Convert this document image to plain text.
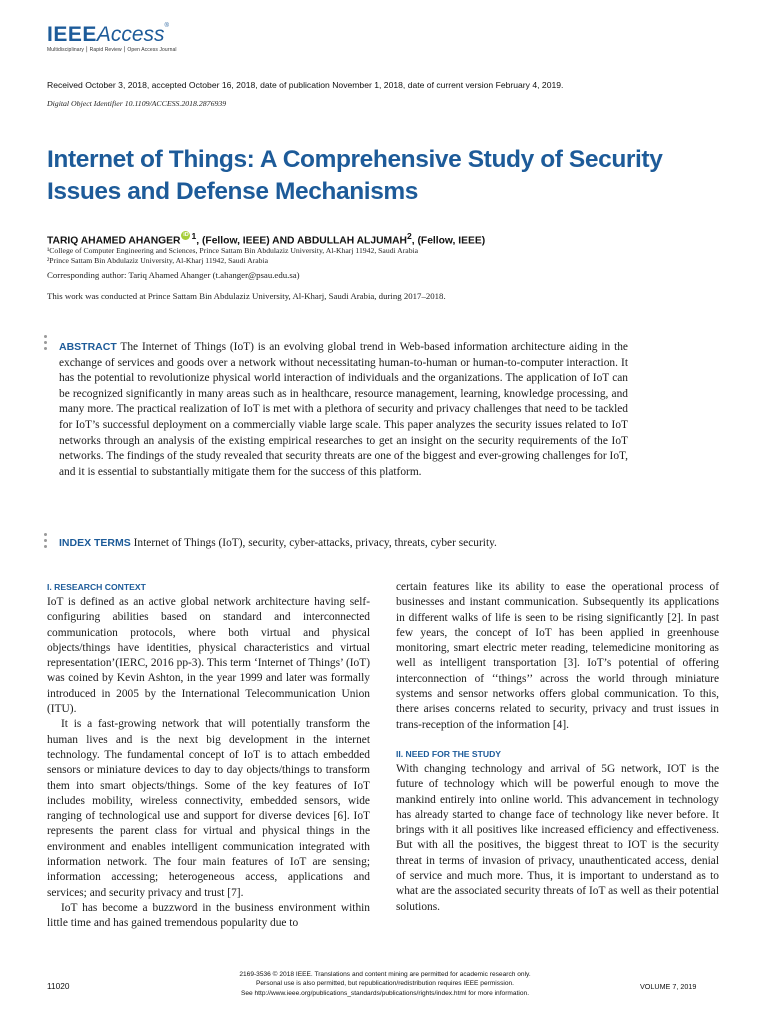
IEEEAccess®
Multidisciplinary ⎮ Rapid Review ⎮ Open Access Journal
Received October 3, 2018, accepted October 16, 2018, date of publication November 1, 2018, date of current version February 4, 2019.
Digital Object Identifier 10.1109/ACCESS.2018.2876939
Internet of Things: A Comprehensive Study of Security Issues and Defense Mechanisms
TARIQ AHAMED AHANGERiD $^1$, (Fellow, IEEE) AND ABDULLAH ALJUMAH$^2$, (Fellow, IEEE)
¹College of Computer Engineering and Sciences, Prince Sattam Bin Abdulaziz University, Al-Kharj 11942, Saudi Arabia
²Prince Sattam Bin Abdulaziz University, Al-Kharj 11942, Saudi Arabia
Corresponding author: Tariq Ahamed Ahanger (t.ahanger@psau.edu.sa)
This work was conducted at Prince Sattam Bin Abdulaziz University, Al-Kharj, Saudi Arabia, during 2017–2018.
ABSTRACT The Internet of Things (IoT) is an evolving global trend in Web-based information architecture aiding in the exchange of services and goods over a network without necessitating human-to-human or human-to-computer interaction. It has the potential to revolutionize physical world interaction of individuals and the organizations. The application of IoT can be recognized significantly in many areas such as in healthcare, resource management, learning, knowledge processing, and many more. The practical realization of IoT is met with a plethora of security and privacy challenges that need to be tackled for IoT’s successful deployment on a commercially viable large scale. This paper analyzes the security issues related to IoT networks through an analysis of the existing empirical researches to get an insight on the security requirements of the IoT networks. The findings of the study revealed that security threats are one of the biggest and ever-growing challenges for IoT, and it is essential to substantially mitigate them for the success of this platform.
INDEX TERMS Internet of Things (IoT), security, cyber-attacks, privacy, threats, cyber security.
I. RESEARCH CONTEXT

IoT is defined as an active global network architecture having self-configuring abilities based on standard and interconnected communication protocols, where both virtual and physical objects/things have identities, physical characteristics and virtual representation’(IERC, 2016 pp-3). This term ‘Internet of Things’ (IoT) was coined by Kevin Ashton, in the year 1999 and later was formally introduced in 2005 by the International Telecommunication Union (ITU).

It is a fast-growing network that will potentially transform the human lives and is the next big development in the internet technology. The fundamental concept of IoT is to attach embedded sensors or miniature devices to day to day objects/things to transform them into smart objects/things. Some of the key features of IoT includes mobility, wireless connectivity, embedded sensors, wide ranging of technological use and support for diverse devices [6]. IoT represents the parent class for virtual and physical things in the environment and enables intelligent communication integrated with information network. The four main features of IoT are sensing; information accessing; heterogeneous access, applications and services; and security privacy and trust [7].

IoT has become a buzzword in the business environment within little time and has gained tremendous popularity due to

certain features like its ability to ease the operational process of businesses and instant communication. Subsequently its applications in different walks of life is seen to be rising significantly [2]. In past few years, the concept of IoT has been applied in greenhouse monitoring, smart electric meter reading, telemedicine monitoring as well as intelligent transportation [3]. IoT’s potential of offering interconnection of ‘‘things’’ across the world through miniature systems and sensor networks offers global communication. To this, there arises concerns related to security, privacy and trust issues in trans-reception of the information [4].

II. NEED FOR THE STUDY

With changing technology and arrival of 5G network, IOT is the future of technology which will be powerful enough to move the mankind entirely into online world. This advancement in technology has already started to change face of technology like never before. It brings with it all positives like increased efficiency and effectiveness. But with all the positives, the biggest threat to IOT is the security threat in terms of invasion of privacy, unauthenticated access, denial of service and much more. Thus, it is important to understand as to what are the associated security threats of IoT as well as their potential solutions.

11020
2169-3536 © 2018 IEEE. Translations and content mining are permitted for academic research only.
Personal use is also permitted, but republication/redistribution requires IEEE permission.
See http://www.ieee.org/publications_standards/publications/rights/index.html for more information.
VOLUME 7, 2019
